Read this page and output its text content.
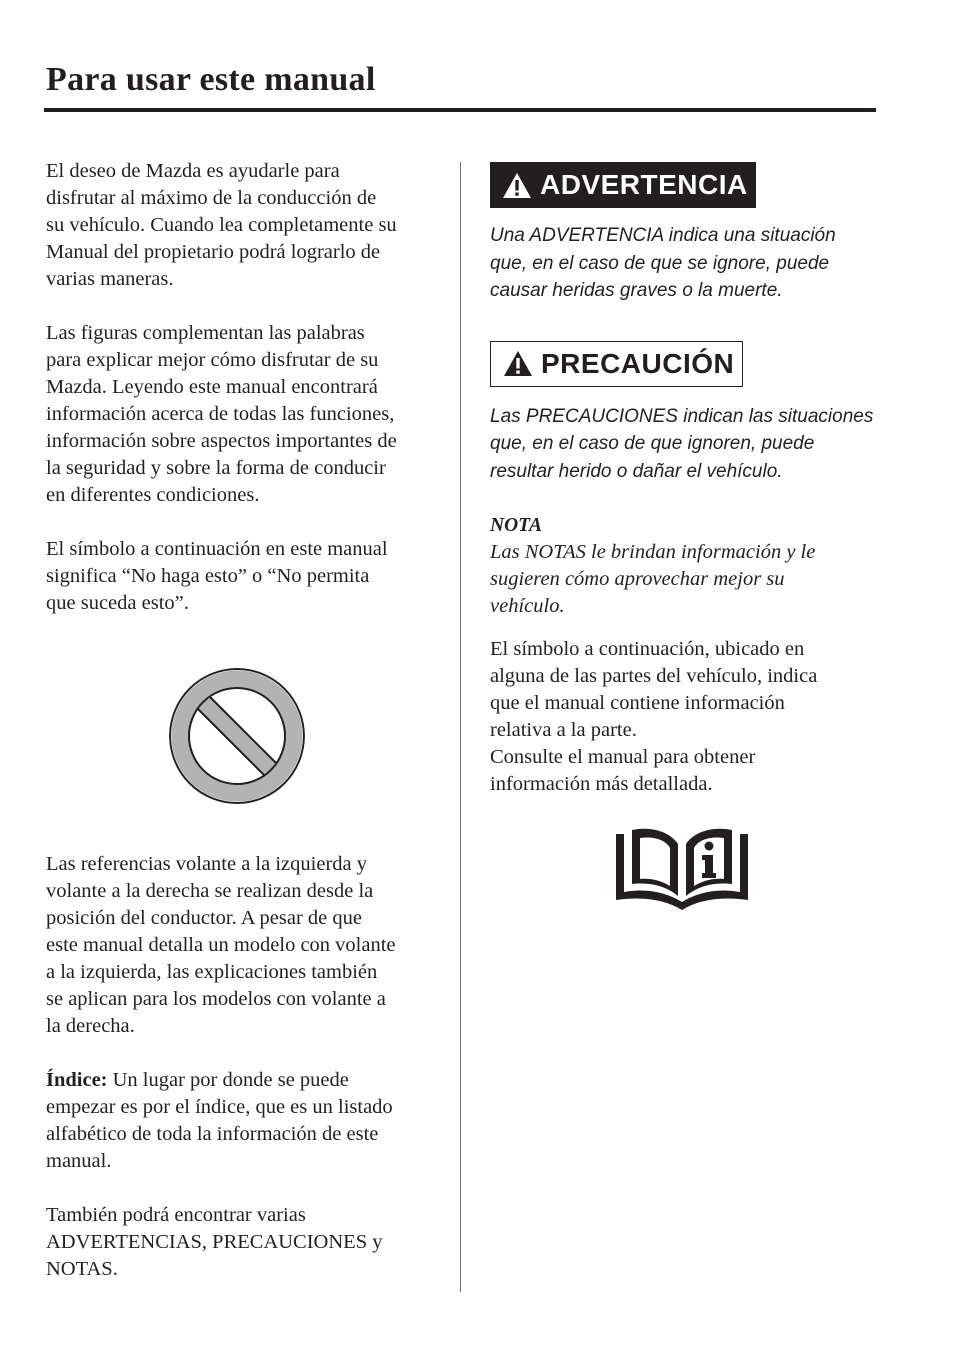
Para usar este manual

El deseo de Mazda es ayudarle para
disfrutar al máximo de la conducción de
su vehículo. Cuando lea completamente su
Manual del propietario podrá lograrlo de
varias maneras.

Las figuras complementan las palabras
para explicar mejor cómo disfrutar de su
Mazda. Leyendo este manual encontrará
información acerca de todas las funciones,
información sobre aspectos importantes de
la seguridad y sobre la forma de conducir
en diferentes condiciones.

El símbolo a continuación en este manual
significa “No haga esto” o “No permita
que suceda esto”.

Las referencias volante a la izquierda y
volante a la derecha se realizan desde la
posición del conductor. A pesar de que
este manual detalla un modelo con volante
a la izquierda, las explicaciones también
se aplican para los modelos con volante a
la derecha.

Índice: Un lugar por donde se puede
empezar es por el índice, que es un listado
alfabético de toda la información de este
manual.

También podrá encontrar varias
ADVERTENCIAS, PRECAUCIONES y
NOTAS.

ADVERTENCIA

Una ADVERTENCIA indica una situación
que, en el caso de que se ignore, puede
causar heridas graves o la muerte.

PRECAUCIÓN

Las PRECAUCIONES indican las situaciones
que, en el caso de que ignoren, puede
resultar herido o dañar el vehículo.

NOTA

Las NOTAS le brindan información y le
sugieren cómo aprovechar mejor su
vehículo.

El símbolo a continuación, ubicado en
alguna de las partes del vehículo, indica
que el manual contiene información
relativa a la parte.
Consulte el manual para obtener
información más detallada.
